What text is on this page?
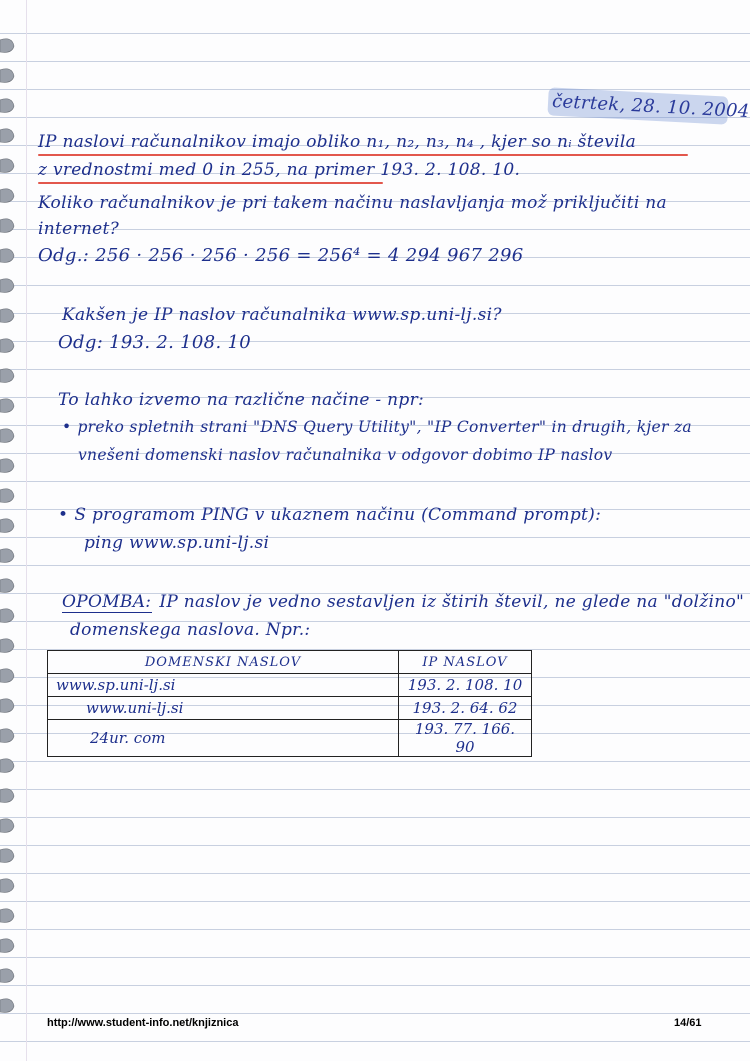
četrtek, 28. 10. 2004
IP naslovi računalnikov imajo obliko n₁, n₂, n₃, n₄ , kjer so nᵢ števila
z vrednostmi med 0 in 255, na primer 193. 2. 108. 10.
Koliko računalnikov je pri takem načinu naslavljanja mož priključiti na
internet?
Odg.: 256 · 256 · 256 · 256 = 256⁴ = 4 294 967 296
Kakšen je IP naslov računalnika www.sp.uni-lj.si?
Odg: 193. 2. 108. 10
To lahko izvemo na različne načine - npr:
• preko spletnih strani "DNS Query Utility", "IP Converter" in drugih, kjer za
vnešeni domenski naslov računalnika v odgovor dobimo IP naslov
• S programom PING v ukaznem načinu (Command prompt):
ping www.sp.uni-lj.si
OPOMBA: IP naslov je vedno sestavljen iz štirih števil, ne glede na "dolžino"
domenskega naslova. Npr.:
DOMENSKI NASLOV	IP NASLOV
www.sp.uni-lj.si	193. 2. 108. 10
www.uni-lj.si	193. 2. 64. 62
24ur. com	193. 77. 166. 90
http://www.student-info.net/knjiznica	14/61
